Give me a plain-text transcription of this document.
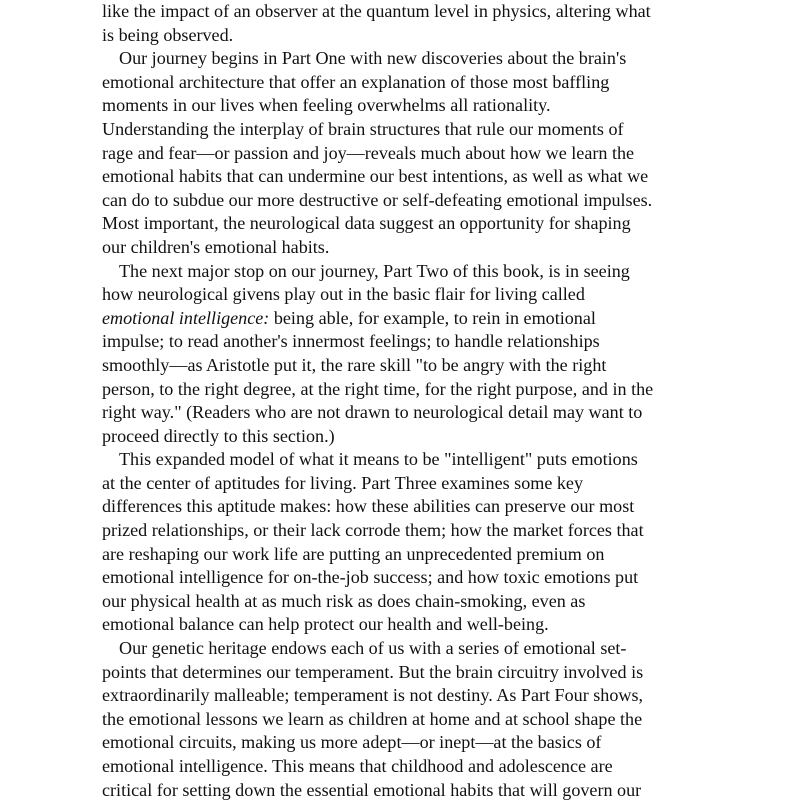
like the impact of an observer at the quantum level in physics, altering what
is being observed.
Our journey begins in Part One with new discoveries about the brain's
emotional architecture that offer an explanation of those most baffling
moments in our lives when feeling overwhelms all rationality.
Understanding the interplay of brain structures that rule our moments of
rage and fear—or passion and joy—reveals much about how we learn the
emotional habits that can undermine our best intentions, as well as what we
can do to subdue our more destructive or self-defeating emotional impulses.
Most important, the neurological data suggest an opportunity for shaping
our children's emotional habits.
The next major stop on our journey, Part Two of this book, is in seeing
how neurological givens play out in the basic flair for living called
emotional intelligence: being able, for example, to rein in emotional
impulse; to read another's innermost feelings; to handle relationships
smoothly—as Aristotle put it, the rare skill "to be angry with the right
person, to the right degree, at the right time, for the right purpose, and in the
right way." (Readers who are not drawn to neurological detail may want to
proceed directly to this section.)
This expanded model of what it means to be "intelligent" puts emotions
at the center of aptitudes for living. Part Three examines some key
differences this aptitude makes: how these abilities can preserve our most
prized relationships, or their lack corrode them; how the market forces that
are reshaping our work life are putting an unprecedented premium on
emotional intelligence for on-the-job success; and how toxic emotions put
our physical health at as much risk as does chain-smoking, even as
emotional balance can help protect our health and well-being.
Our genetic heritage endows each of us with a series of emotional set-
points that determines our temperament. But the brain circuitry involved is
extraordinarily malleable; temperament is not destiny. As Part Four shows,
the emotional lessons we learn as children at home and at school shape the
emotional circuits, making us more adept—or inept—at the basics of
emotional intelligence. This means that childhood and adolescence are
critical for setting down the essential emotional habits that will govern our
